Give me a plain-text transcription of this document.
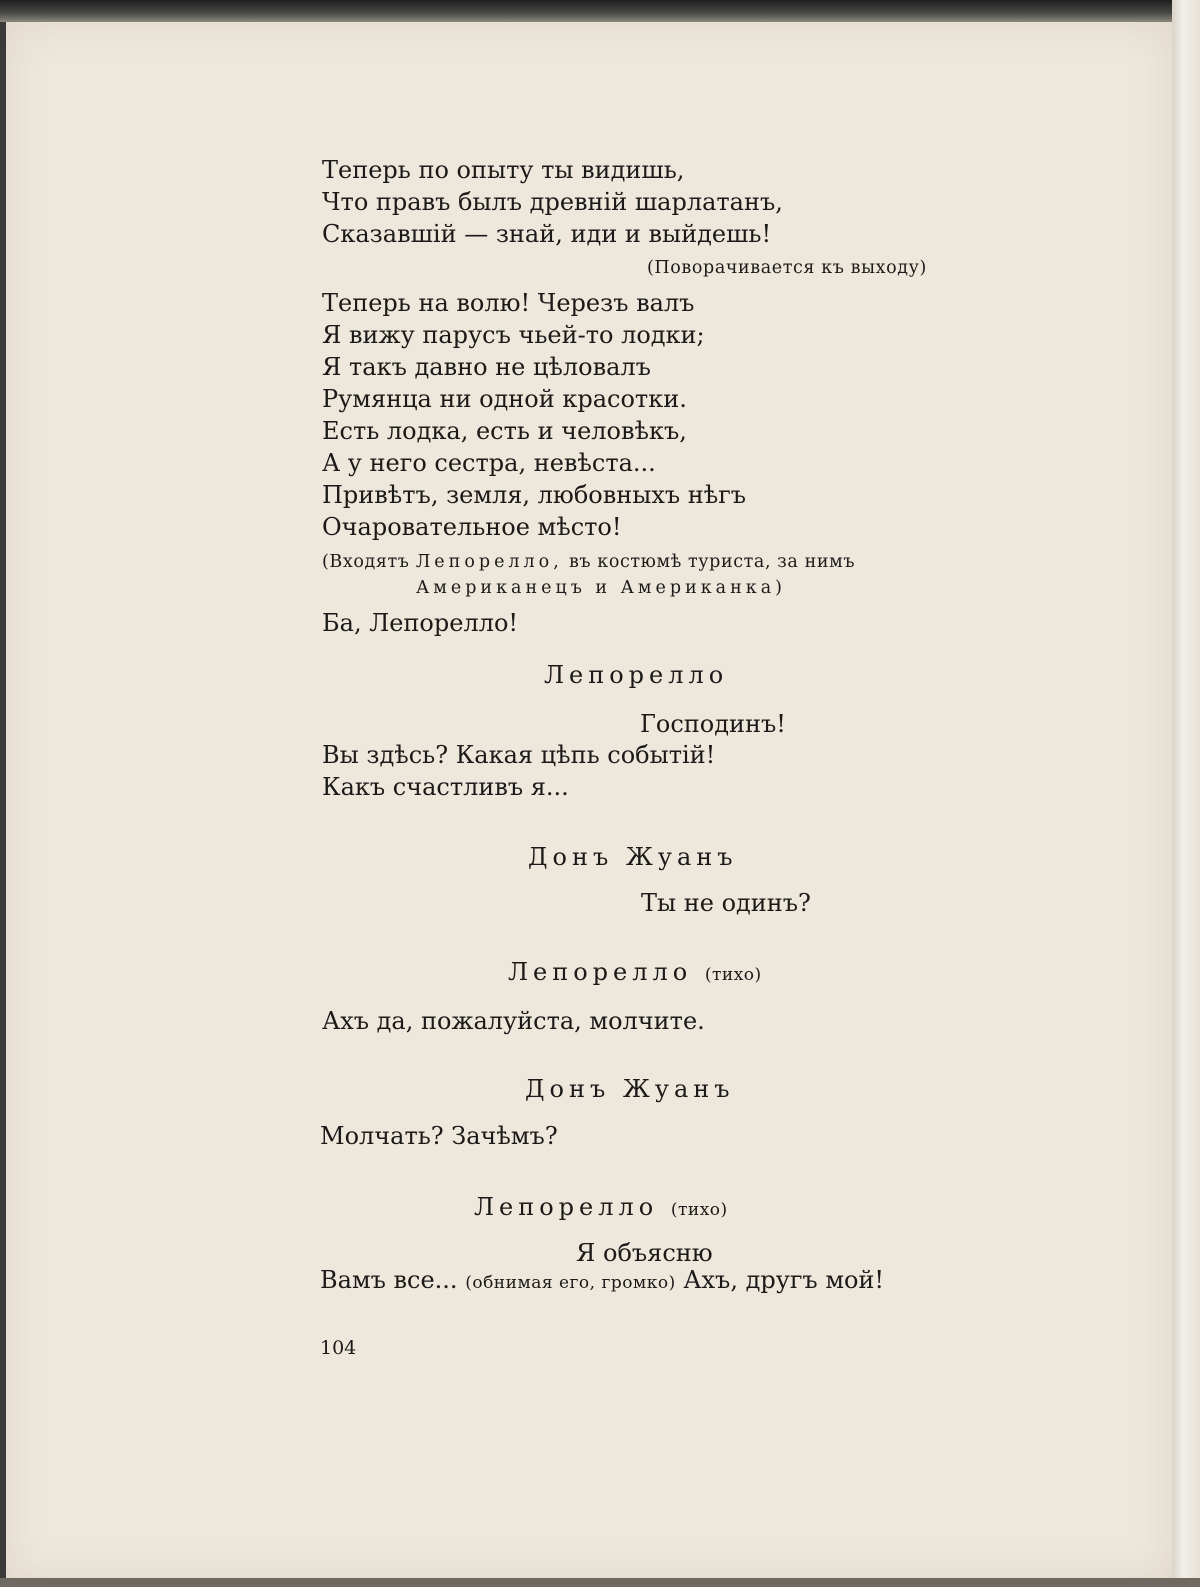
Теперь по опыту ты видишь,
Что правъ былъ древній шарлатанъ,
Сказавшій — знай, иди и выйдешь!
(Поворачивается къ выходу)
Теперь на волю! Черезъ валъ
Я вижу парусъ чьей-то лодки;
Я такъ давно не цѣловалъ
Румянца ни одной красотки.
Есть лодка, есть и человѣкъ,
А у него сестра, невѣста...
Привѣтъ, земля, любовныхъ нѣгъ
Очаровательное мѣсто!
(Входятъ Лепорелло, въ костюмѣ туриста, за нимъ
Американецъ и Американка)
Ба, Лепорелло!
Лепорелло
Господинъ!
Вы здѣсь? Какая цѣпь событій!
Какъ счастливъ я...
Донъ Жуанъ
Ты не одинъ?
Лепорелло (тихо)
Ахъ да, пожалуйста, молчите.
Донъ Жуанъ
Молчать? Зачѣмъ?
Лепорелло (тихо)
Я объясню
Вамъ все... (обнимая его, громко) Ахъ, другъ мой!
104
